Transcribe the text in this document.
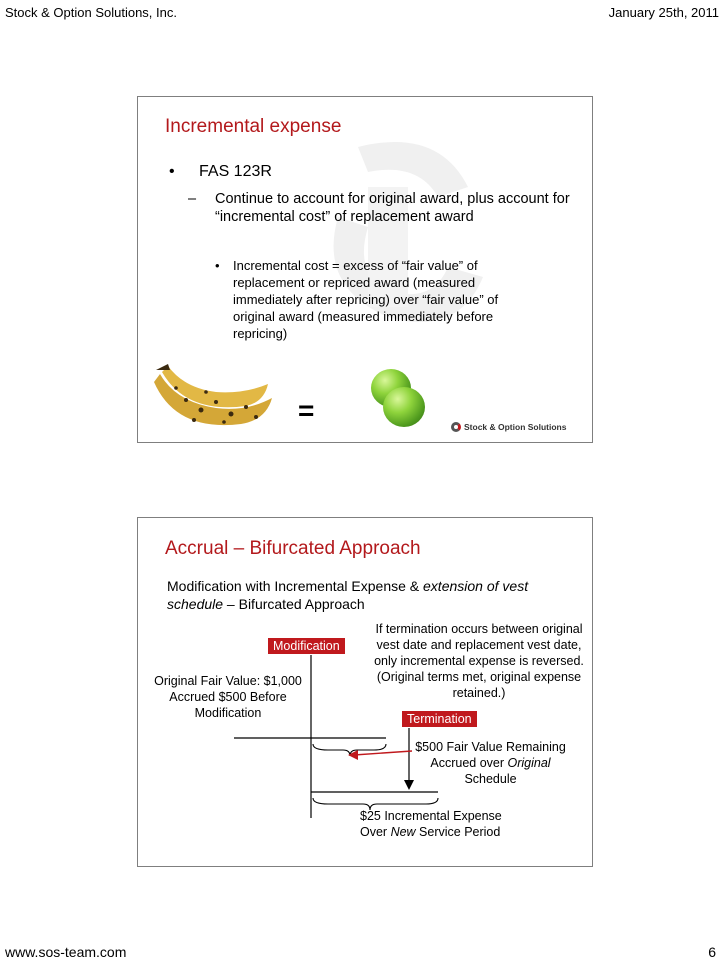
Stock & Option Solutions, Inc.	January 25th, 2011
Incremental expense
• FAS 123R
– Continue to account for original award, plus account for “incremental cost” of replacement award
• Incremental cost = excess of “fair value” of replacement or repriced award (measured immediately after repricing) over “fair value” of original award (measured immediately before repricing)
=
Stock & Option Solutions
Accrual – Bifurcated Approach
Modification with Incremental Expense & extension of vest schedule – Bifurcated Approach
Modification
If termination occurs between original vest date and replacement vest date, only incremental expense is reversed. (Original terms met, original expense retained.)
Original Fair Value: $1,000 Accrued $500 Before Modification	Termination
$500 Fair Value Remaining Accrued over Original Schedule
$25 Incremental Expense Over New Service Period
www.sos-team.com	6
